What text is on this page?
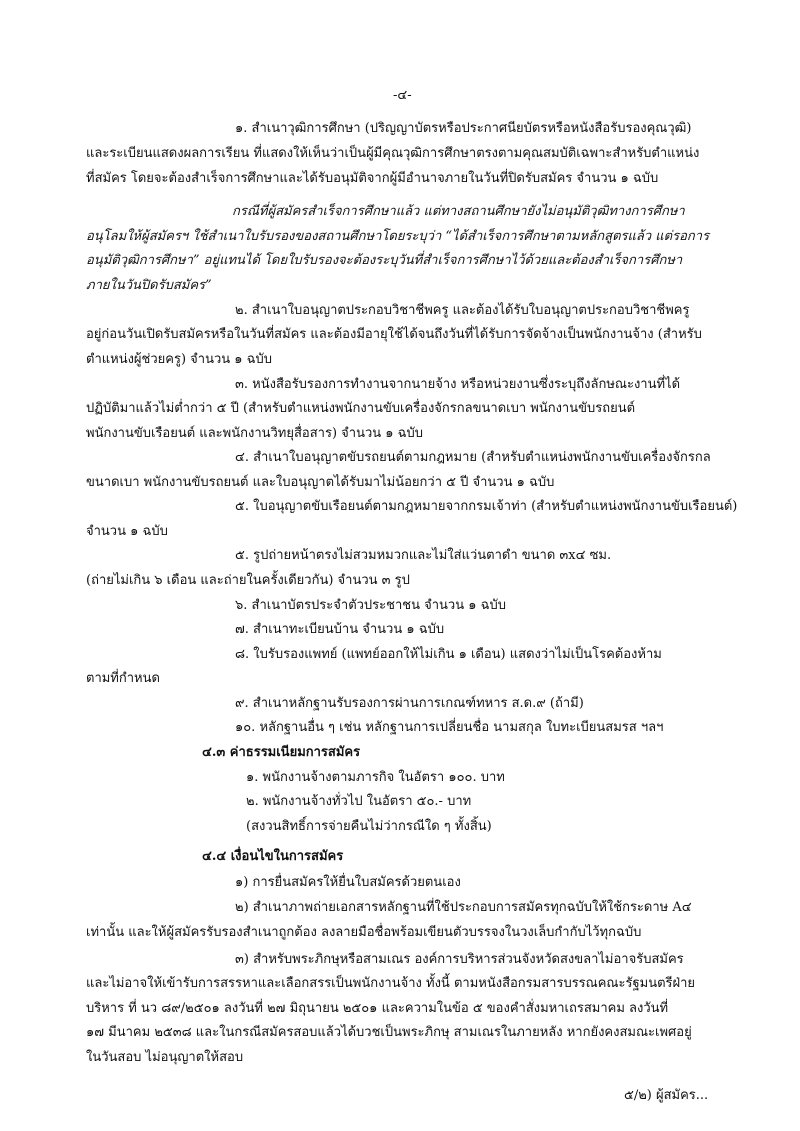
-๔-
๑. สำเนาวุฒิการศึกษา (ปริญญาบัตรหรือประกาศนียบัตรหรือหนังสือรับรองคุณวุฒิ)
และระเบียนแสดงผลการเรียน ที่แสดงให้เห็นว่าเป็นผู้มีคุณวุฒิการศึกษาตรงตามคุณสมบัติเฉพาะสำหรับตำแหน่ง
ที่สมัคร โดยจะต้องสำเร็จการศึกษาและได้รับอนุมัติจากผู้มีอำนาจภายในวันที่ปิดรับสมัคร จำนวน ๑ ฉบับ
กรณีที่ผู้สมัครสำเร็จการศึกษาแล้ว แต่ทางสถานศึกษายังไม่อนุมัติวุฒิทางการศึกษา
อนุโลมให้ผู้สมัครฯ ใช้สำเนาใบรับรองของสถานศึกษาโดยระบุว่า “ได้สำเร็จการศึกษาตามหลักสูตรแล้ว แต่รอการ
อนุมัติวุฒิการศึกษา” อยู่แทนได้ โดยใบรับรองจะต้องระบุวันที่สำเร็จการศึกษาไว้ด้วยและต้องสำเร็จการศึกษา
ภายในวันปิดรับสมัคร”
๒. สำเนาใบอนุญาตประกอบวิชาชีพครู และต้องได้รับใบอนุญาตประกอบวิชาชีพครู
อยู่ก่อนวันเปิดรับสมัครหรือในวันที่สมัคร และต้องมีอายุใช้ได้จนถึงวันที่ได้รับการจัดจ้างเป็นพนักงานจ้าง (สำหรับ
ตำแหน่งผู้ช่วยครู) จำนวน ๑ ฉบับ
๓. หนังสือรับรองการทำงานจากนายจ้าง หรือหน่วยงานซึ่งระบุถึงลักษณะงานที่ได้
ปฏิบัติมาแล้วไม่ต่ำกว่า ๕ ปี (สำหรับตำแหน่งพนักงานขับเครื่องจักรกลขนาดเบา พนักงานขับรถยนต์
พนักงานขับเรือยนต์ และพนักงานวิทยุสื่อสาร) จำนวน ๑ ฉบับ
๔. สำเนาใบอนุญาตขับรถยนต์ตามกฎหมาย (สำหรับตำแหน่งพนักงานขับเครื่องจักรกล
ขนาดเบา พนักงานขับรถยนต์ และใบอนุญาตได้รับมาไม่น้อยกว่า ๕ ปี จำนวน ๑ ฉบับ
๕. ใบอนุญาตขับเรือยนต์ตามกฎหมายจากกรมเจ้าท่า (สำหรับตำแหน่งพนักงานขับเรือยนต์)
จำนวน ๑ ฉบับ
๕. รูปถ่ายหน้าตรงไม่สวมหมวกและไม่ใส่แว่นตาดำ ขนาด ๓x๔ ซม.
(ถ่ายไม่เกิน ๖ เดือน และถ่ายในครั้งเดียวกัน) จำนวน ๓ รูป
๖. สำเนาบัตรประจำตัวประชาชน จำนวน ๑ ฉบับ
๗. สำเนาทะเบียนบ้าน จำนวน ๑ ฉบับ
๘. ใบรับรองแพทย์ (แพทย์ออกให้ไม่เกิน ๑ เดือน) แสดงว่าไม่เป็นโรคต้องห้าม
ตามที่กำหนด
๙. สำเนาหลักฐานรับรองการผ่านการเกณฑ์ทหาร ส.ด.๙ (ถ้ามี)
๑๐. หลักฐานอื่น ๆ เช่น หลักฐานการเปลี่ยนชื่อ นามสกุล ใบทะเบียนสมรส ฯลฯ
๔.๓ ค่าธรรมเนียมการสมัคร
๑. พนักงานจ้างตามภารกิจ ในอัตรา ๑๐๐. บาท
๒. พนักงานจ้างทั่วไป ในอัตรา ๕๐.- บาท
(สงวนสิทธิ์การจ่ายคืนไม่ว่ากรณีใด ๆ ทั้งสิ้น)
๔.๔ เงื่อนไขในการสมัคร
๑) การยื่นสมัครให้ยื่นใบสมัครด้วยตนเอง
๒) สำเนาภาพถ่ายเอกสารหลักฐานที่ใช้ประกอบการสมัครทุกฉบับให้ใช้กระดาษ A๔
เท่านั้น และให้ผู้สมัครรับรองสำเนาถูกต้อง ลงลายมือชื่อพร้อมเขียนตัวบรรจงในวงเล็บกำกับไว้ทุกฉบับ
๓) สำหรับพระภิกษุหรือสามเณร องค์การบริหารส่วนจังหวัดสงขลาไม่อาจรับสมัคร
และไม่อาจให้เข้ารับการสรรหาและเลือกสรรเป็นพนักงานจ้าง ทั้งนี้ ตามหนังสือกรมสารบรรณคณะรัฐมนตรีฝ่าย
บริหาร ที่ นว ๘๙/๒๕๐๑ ลงวันที่ ๒๗ มิถุนายน ๒๕๐๑ และความในข้อ ๕ ของคำสั่งมหาเถรสมาคม ลงวันที่
๑๗ มีนาคม ๒๕๓๘ และในกรณีสมัครสอบแล้วได้บวชเป็นพระภิกษุ สามเณรในภายหลัง หากยังคงสมณะเพศอยู่
ในวันสอบ ไม่อนุญาตให้สอบ
๕/๒) ผู้สมัคร...
